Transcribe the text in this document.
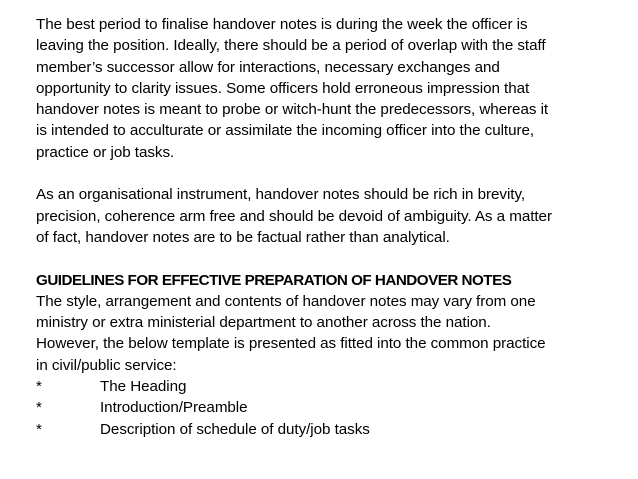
The best period to finalise handover notes is during the week the officer is
leaving the position. Ideally, there should be a period of overlap with the staff
member’s successor allow for interactions, necessary exchanges and
opportunity to clarity issues. Some officers hold erroneous impression that
handover notes is meant to probe or witch-hunt the predecessors, whereas it
is intended to acculturate or assimilate the incoming officer into the culture,
practice or job tasks.

As an organisational instrument, handover notes should be rich in brevity,
precision, coherence arm free and should be devoid of ambiguity. As a matter
of fact, handover notes are to be factual rather than analytical.

GUIDELINES FOR EFFECTIVE PREPARATION OF HANDOVER NOTES

The style, arrangement and contents of handover notes may vary from one
ministry or extra ministerial department to another across the nation.
However, the below template is presented as fitted into the common practice
in civil/public service:

*	The Heading
*	Introduction/Preamble
*	Description of schedule of duty/job tasks
